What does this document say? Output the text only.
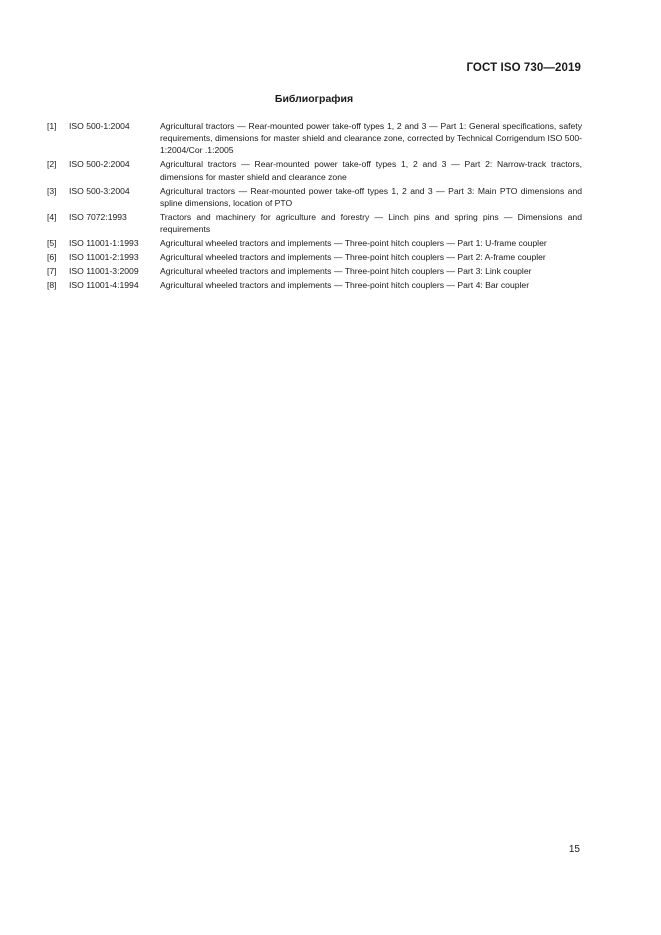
ГОСТ ISO 730—2019
Библиография
[1]	ISO 500-1:2004	Agricultural tractors — Rear-mounted power take-off types 1, 2 and 3 — Part 1: General specifications, safety requirements, dimensions for master shield and clearance zone, corrected by Technical Corrigendum ISO 500-1:2004/Cor .1:2005
[2]	ISO 500-2:2004	Agricultural tractors — Rear-mounted power take-off types 1, 2 and 3 — Part 2: Narrow-track tractors, dimensions for master shield and clearance zone
[3]	ISO 500-3:2004	Agricultural tractors — Rear-mounted power take-off types 1, 2 and 3 — Part 3: Main PTO dimensions and spline dimensions, location of PTO
[4]	ISO 7072:1993	Tractors and machinery for agriculture and forestry — Linch pins and spring pins — Dimensions and requirements
[5]	ISO 11001-1:1993	Agricultural wheeled tractors and implements — Three-point hitch couplers — Part 1: U-frame coupler
[6]	ISO 11001-2:1993	Agricultural wheeled tractors and implements — Three-point hitch couplers — Part 2: A-frame coupler
[7]	ISO 11001-3:2009	Agricultural wheeled tractors and implements — Three-point hitch couplers — Part 3: Link coupler
[8]	ISO 11001-4:1994	Agricultural wheeled tractors and implements — Three-point hitch couplers — Part 4: Bar coupler
15
